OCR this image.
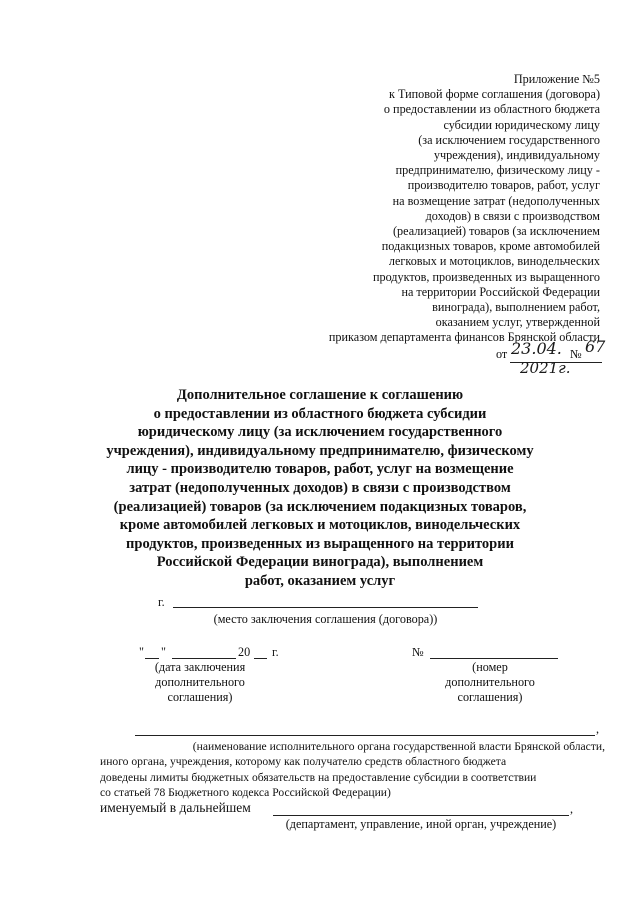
Приложение №5
к Типовой форме соглашения (договора)
о предоставлении из областного бюджета
субсидии юридическому лицу
(за исключением государственного
учреждения), индивидуальному
предпринимателю, физическому лицу -
производителю товаров, работ, услуг
на возмещение затрат (недополученных
доходов) в связи с производством
(реализацией) товаров (за исключением
подакцизных товаров, кроме автомобилей
легковых и мотоциклов, винодельческих
продуктов, произведенных из выращенного
на территории Российской Федерации
винограда), выполнением работ,
оказанием услуг, утвержденной
приказом департамента финансов Брянской области
от 23.04. № 67
2021г.
Дополнительное соглашение к соглашению
о предоставлении из областного бюджета субсидии
юридическому лицу (за исключением государственного
учреждения), индивидуальному предпринимателю, физическому
лицу - производителю товаров, работ, услуг на возмещение
затрат (недополученных доходов) в связи с производством
(реализацией) товаров (за исключением подакцизных товаров,
кроме автомобилей легковых и мотоциклов, винодельческих
продуктов, произведенных из выращенного на территории
Российской Федерации винограда), выполнением
работ, оказанием услуг
г.
(место заключения соглашения (договора))
" "	20 г.
(дата заключения
дополнительного
соглашения)
№
(номер
дополнительного
соглашения)
,
(наименование исполнительного органа государственной власти Брянской области,
иного органа, учреждения, которому как получателю средств областного бюджета
доведены лимиты бюджетных обязательств на предоставление субсидии в соответствии
со статьей 78 Бюджетного кодекса Российской Федерации)
именуемый в дальнейшем	,
(департамент, управление, иной орган, учреждение)
